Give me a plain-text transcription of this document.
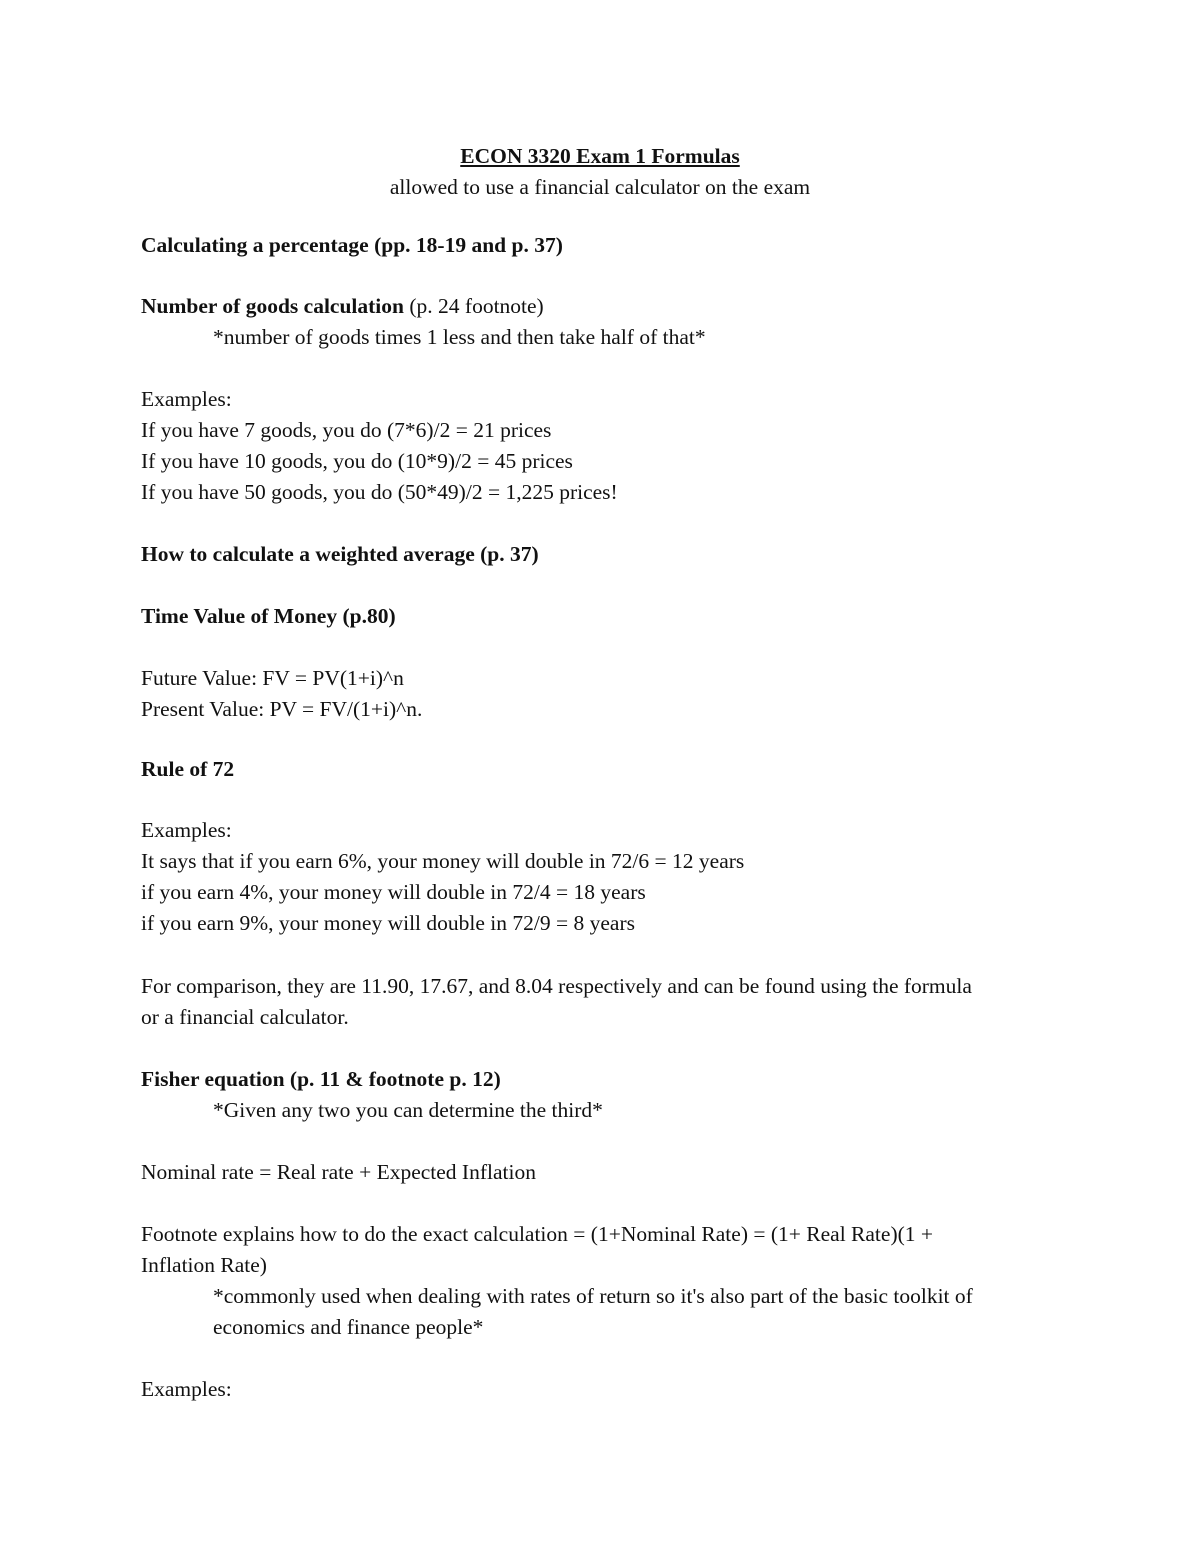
ECON 3320 Exam 1 Formulas
allowed to use a financial calculator on the exam
Calculating a percentage (pp. 18-19 and p. 37)
Number of goods calculation (p. 24 footnote)
*number of goods times 1 less and then take half of that*
Examples:
If you have 7 goods, you do (7*6)/2 = 21 prices
If you have 10 goods, you do (10*9)/2 = 45 prices
If you have 50 goods, you do (50*49)/2 = 1,225 prices!
How to calculate a weighted average (p. 37)
Time Value of Money (p.80)
Future Value: FV = PV(1+i)^n
Present Value: PV = FV/(1+i)^n.
Rule of 72
Examples:
It says that if you earn 6%, your money will double in 72/6 = 12 years
if you earn 4%, your money will double in 72/4 = 18 years
if you earn 9%, your money will double in 72/9 = 8 years
For comparison, they are 11.90, 17.67, and 8.04 respectively and can be found using the formula
or a financial calculator.
Fisher equation (p. 11 & footnote p. 12)
*Given any two you can determine the third*
Nominal rate = Real rate + Expected Inflation
Footnote explains how to do the exact calculation = (1+Nominal Rate) = (1+ Real Rate)(1 +
Inflation Rate)
*commonly used when dealing with rates of return so it's also part of the basic toolkit of
economics and finance people*
Examples:
